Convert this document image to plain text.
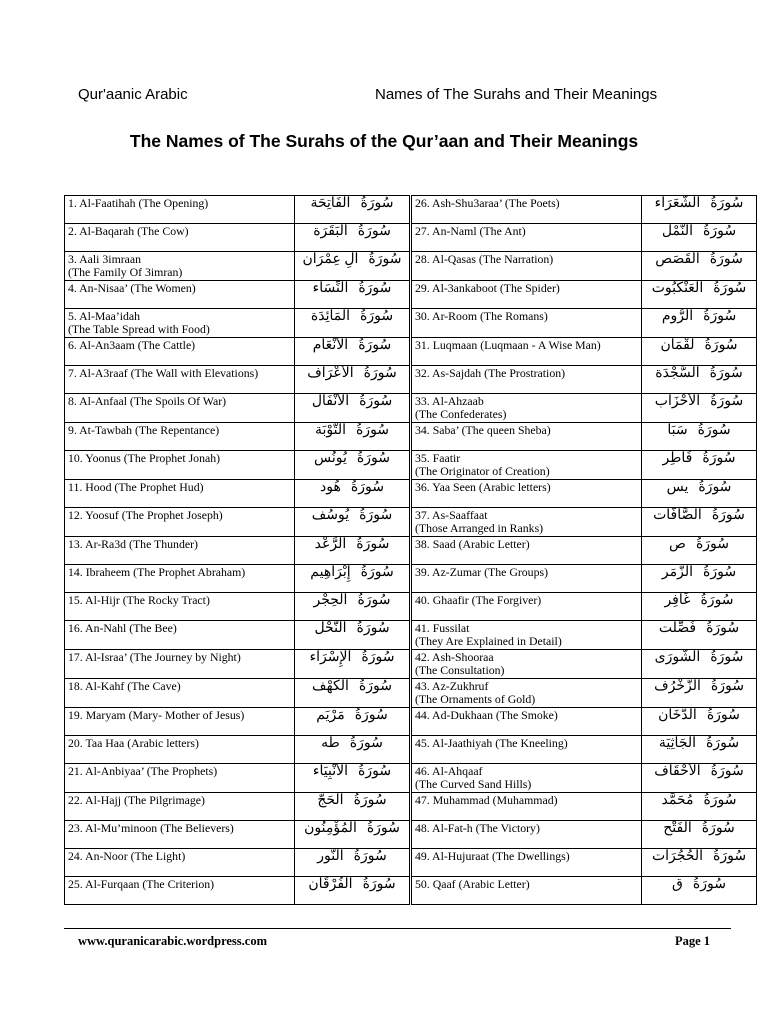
Qur'aanic Arabic	Names of The Surahs and Their Meanings
The Names of The Surahs of the Qur’aan and Their Meanings
1. Al-Faatihah (The Opening)	سُورَةُالْفَاتِحَة	26. Ash-Shu3araa’ (The Poets)	سُورَةُالشُّعَرَاء
2. Al-Baqarah (The Cow)	سُورَةُالْبَقَرَة	27. An-Naml (The Ant)	سُورَةُالنَّمْل
3. Aali 3imraan
(The Family Of 3imran)	سُورَةُآلِ عِمْرَان	28. Al-Qasas (The Narration)	سُورَةُالْقَصَص
4. An-Nisaa’ (The Women)	سُورَةُالنِّسَاء	29. Al-3ankaboot (The Spider)	سُورَةُالْعَنْكَبُوت
5. Al-Maa’idah
(The Table Spread with Food)	سُورَةُالْمَائِدَة	30. Ar-Room (The Romans)	سُورَةُالرُّوم
6. Al-An3aam (The Cattle)	سُورَةُالأَنْعَام	31. Luqmaan (Luqmaan - A Wise Man)	سُورَةُلُقْمَان
7. Al-A3raaf (The Wall with Elevations)	سُورَةُالأَعْرَاف	32. As-Sajdah (The Prostration)	سُورَةُالسَّجْدَة
8. Al-Anfaal (The Spoils Of War)	سُورَةُالأَنْفَال	33. Al-Ahzaab
(The Confederates)	سُورَةُالأَحْزَاب
9. At-Tawbah (The Repentance)	سُورَةُالتَّوْبَة	34. Saba’ (The queen Sheba)	سُورَةُسَبَأ
10. Yoonus (The Prophet Jonah)	سُورَةُيُونُس	35. Faatir
(The Originator of Creation)	سُورَةُفَاطِر
11. Hood (The Prophet Hud)	سُورَةُهُود	36. Yaa Seen (Arabic letters)	سُورَةُيس
12. Yoosuf (The Prophet Joseph)	سُورَةُيُوسُف	37. As-Saaffaat
(Those Arranged in Ranks)	سُورَةُالصَّافَّات
13. Ar-Ra3d (The Thunder)	سُورَةُالرَّعْد	38. Saad (Arabic Letter)	سُورَةُص
14. Ibraheem (The Prophet Abraham)	سُورَةُإِبْرَاهِيم	39. Az-Zumar (The Groups)	سُورَةُالزُّمَر
15. Al-Hijr (The Rocky Tract)	سُورَةُالْحِجْر	40. Ghaafir (The Forgiver)	سُورَةُغَافِر
16. An-Nahl (The Bee)	سُورَةُالنَّحْل	41. Fussilat
(They Are Explained in Detail)	سُورَةُفُصِّلَت
17. Al-Israa’ (The Journey by Night)	سُورَةُالإِسْرَاء	42. Ash-Shooraa
(The Consultation)	سُورَةُالشُّورَى
18. Al-Kahf (The Cave)	سُورَةُالْكَهْف	43. Az-Zukhruf
(The Ornaments of Gold)	سُورَةُالزُّخْرُف
19. Maryam (Mary- Mother of Jesus)	سُورَةُمَرْيَم	44. Ad-Dukhaan (The Smoke)	سُورَةُالدُّخَان
20. Taa Haa (Arabic letters)	سُورَةُطه	45. Al-Jaathiyah (The Kneeling)	سُورَةُالْجَاثِيَة
21. Al-Anbiyaa’ (The Prophets)	سُورَةُالأَنْبِيَاء	46. Al-Ahqaaf
(The Curved Sand Hills)	سُورَةُالأَحْقَاف
22. Al-Hajj (The Pilgrimage)	سُورَةُالْحَجّ	47. Muhammad (Muhammad)	سُورَةُمُحَمَّد
23. Al-Mu’minoon (The Believers)	سُورَةُالْمُؤْمِنُون	48. Al-Fat-h (The Victory)	سُورَةُالْفَتْح
24. An-Noor (The Light)	سُورَةُالنُّور	49. Al-Hujuraat (The Dwellings)	سُورَةُالْحُجُرَات
25. Al-Furqaan (The Criterion)	سُورَةُالْفُرْقَان	50. Qaaf (Arabic Letter)	سُورَةُق
www.quranicarabic.wordpress.com	Page 1
